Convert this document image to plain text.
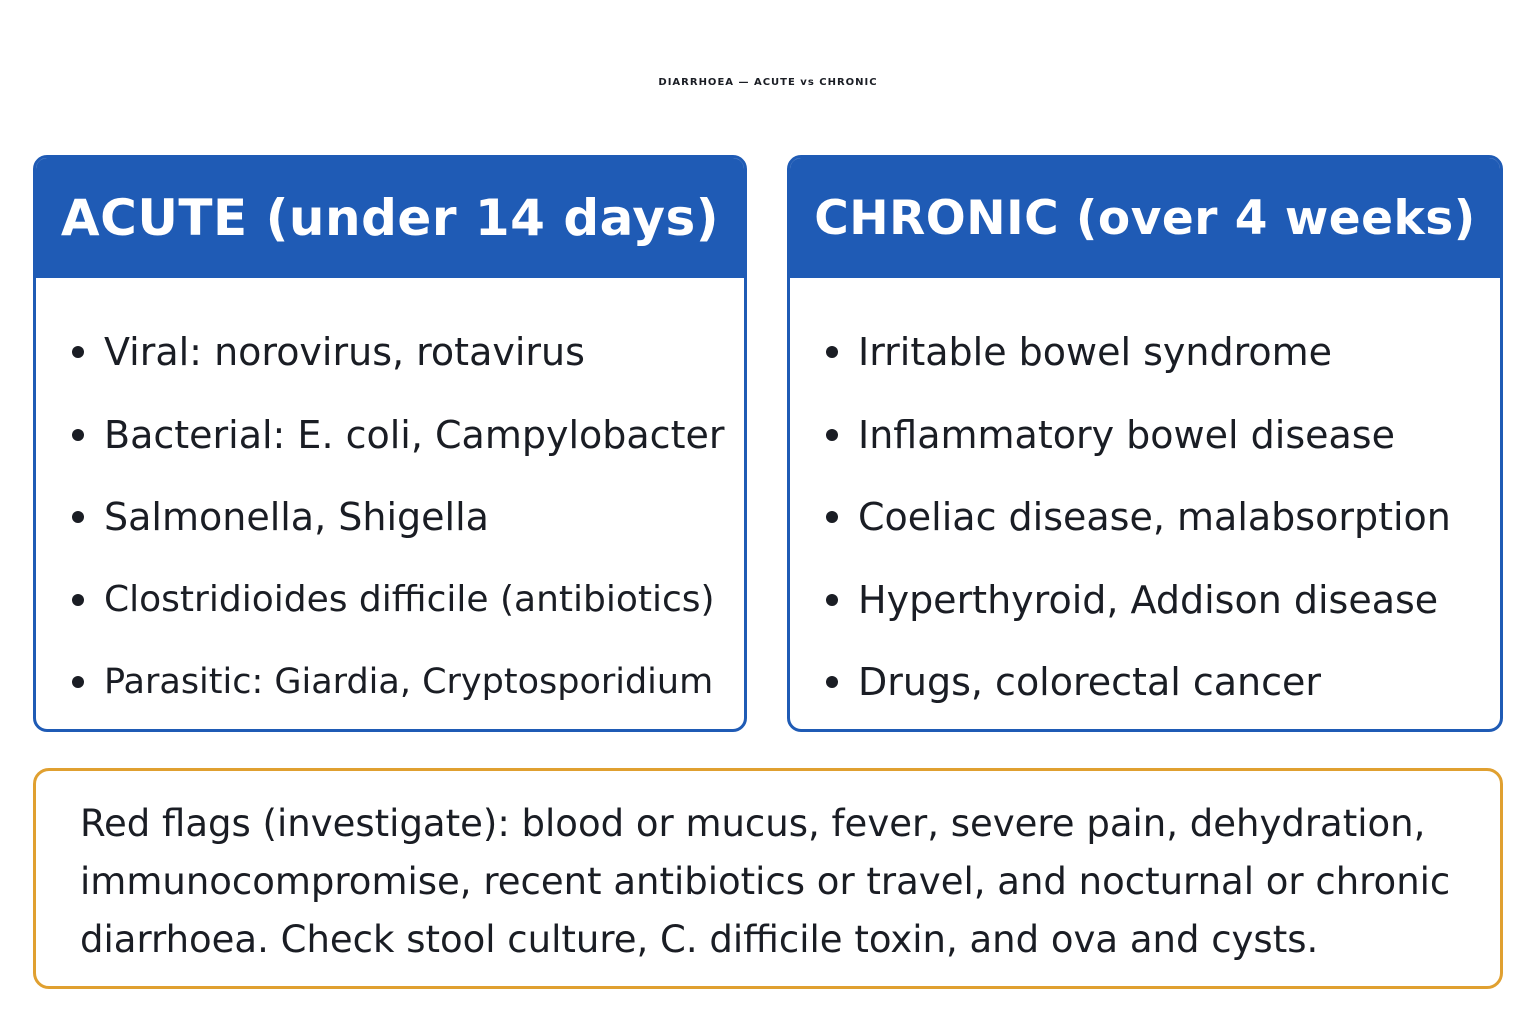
DIARRHOEA — ACUTE vs CHRONIC
ACUTE (under 14 days)
Viral: norovirus, rotavirus
Bacterial: E. coli, Campylobacter
Salmonella, Shigella
Clostridioides difficile (antibiotics)
Parasitic: Giardia, Cryptosporidium
CHRONIC (over 4 weeks)
Irritable bowel syndrome
Inflammatory bowel disease
Coeliac disease, malabsorption
Hyperthyroid, Addison disease
Drugs, colorectal cancer

Red flags (investigate): blood or mucus, fever, severe pain, dehydration, immunocompromise, recent antibiotics or travel, and nocturnal or chronic diarrhoea. Check stool culture, C. difficile toxin, and ova and cysts.
